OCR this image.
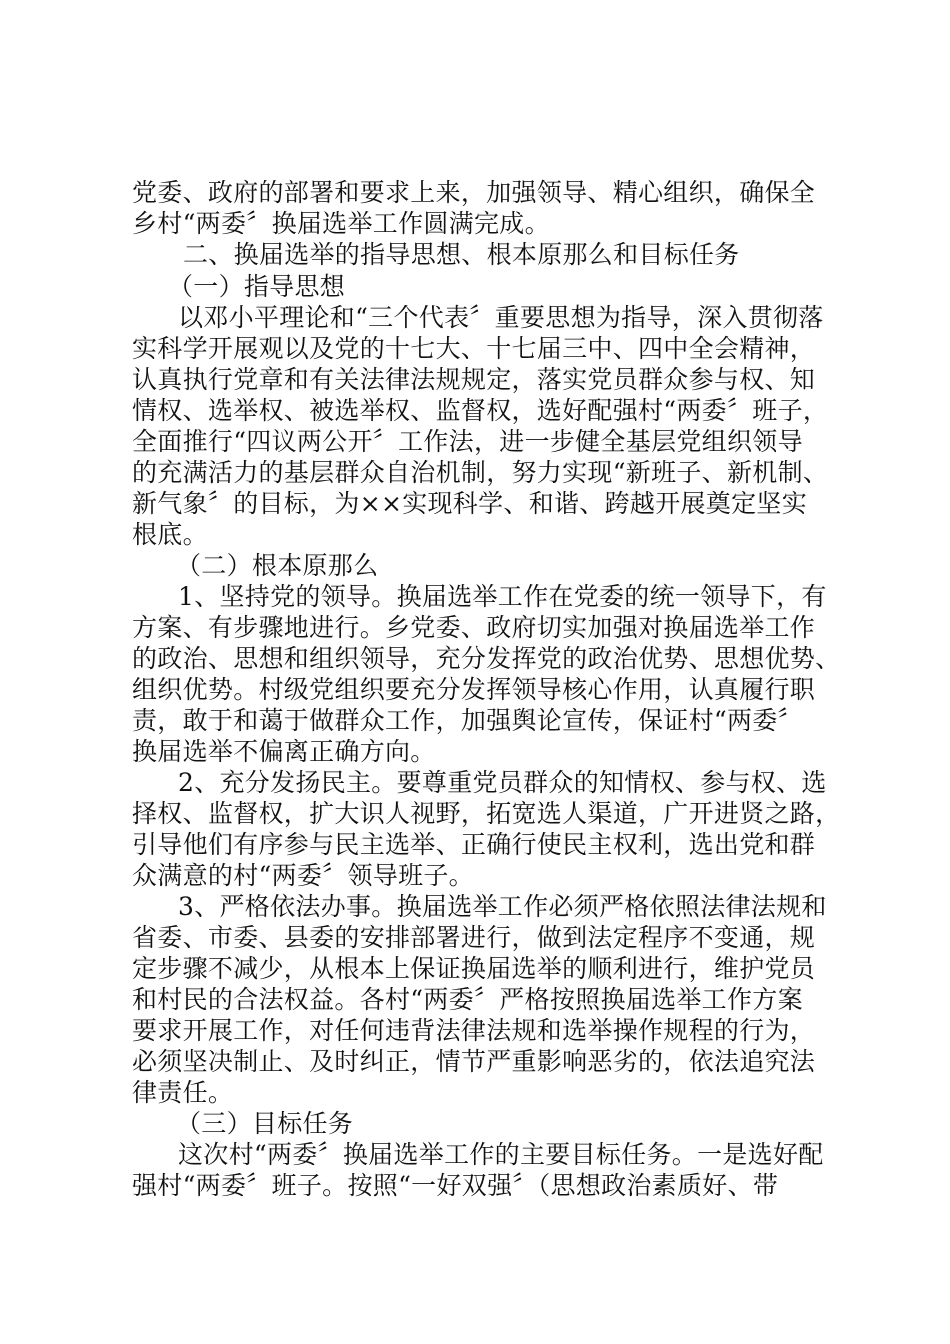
党委、政府的部署和要求上来，加强领导、精心组织，确保全
乡村“两委〞换届选举工作圆满完成。
二、换届选举的指导思想、根本原那么和目标任务
（一）指导思想
以邓小平理论和“三个代表〞重要思想为指导，深入贯彻落
实科学开展观以及党的十七大、十七届三中、四中全会精神，
认真执行党章和有关法律法规规定，落实党员群众参与权、知
情权、选举权、被选举权、监督权，选好配强村“两委〞班子，
全面推行“四议两公开〞工作法，进一步健全基层党组织领导
的充满活力的基层群众自治机制，努力实现“新班子、新机制、
新气象〞的目标，为××实现科学、和谐、跨越开展奠定坚实
根底。
（二）根本原那么
1、坚持党的领导。换届选举工作在党委的统一领导下，有
方案、有步骤地进行。乡党委、政府切实加强对换届选举工作
的政治、思想和组织领导，充分发挥党的政治优势、思想优势、
组织优势。村级党组织要充分发挥领导核心作用，认真履行职
责，敢于和蔼于做群众工作，加强舆论宣传，保证村“两委〞
换届选举不偏离正确方向。
2、充分发扬民主。要尊重党员群众的知情权、参与权、选
择权、监督权，扩大识人视野，拓宽选人渠道，广开进贤之路，
引导他们有序参与民主选举、正确行使民主权利，选出党和群
众满意的村“两委〞领导班子。
3、严格依法办事。换届选举工作必须严格依照法律法规和
省委、市委、县委的安排部署进行，做到法定程序不变通，规
定步骤不减少，从根本上保证换届选举的顺利进行，维护党员
和村民的合法权益。各村“两委〞严格按照换届选举工作方案
要求开展工作，对任何违背法律法规和选举操作规程的行为，
必须坚决制止、及时纠正，情节严重影响恶劣的，依法追究法
律责任。
（三）目标任务
这次村“两委〞换届选举工作的主要目标任务。一是选好配
强村“两委〞班子。按照“一好双强〞（思想政治素质好、带
